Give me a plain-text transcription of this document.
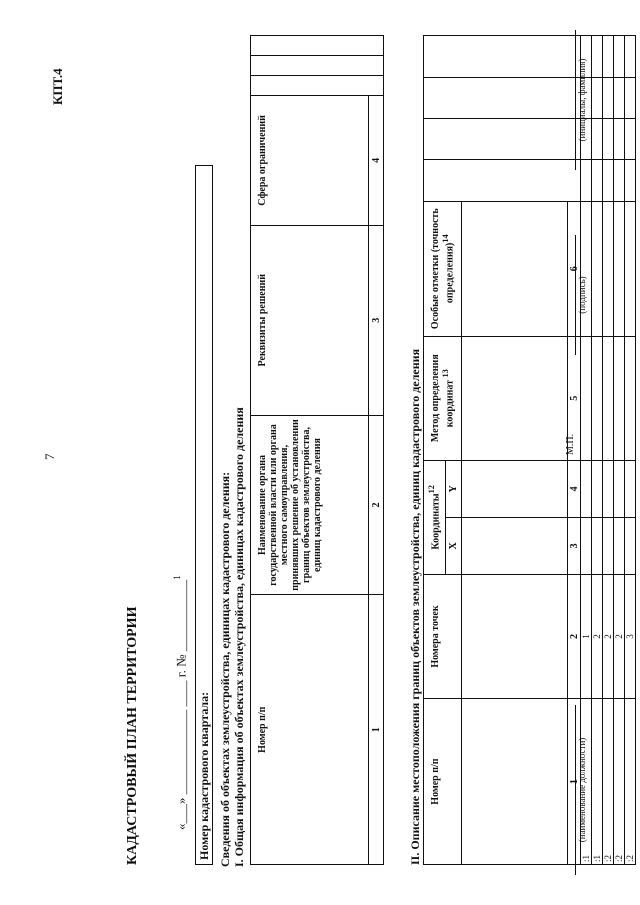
КПТ.4
7
КАДАСТРОВЫЙ ПЛАН ТЕРРИТОРИИ	«___» _____________ ____ г. № ___________$^1$
Номер кадастрового квартала: Сведения об объектах землеустройства, единицах кадастрового деления: I. Общая информация об объектах землеустройства, единицах кадастрового деления Номер п/п	Наименование органа государственной власти или органа местного самоуправления, принявших решение об установлении границ объектов землеустройства, единиц кадастрового деления	Реквизиты решений	Сфера ограничений			
1	2	3	4			
II. Описание местоположения границ объектов землеустройства, единиц кадастрового деления Номер п/п	Номера точек	Координаты$^{12}$		Метод определения координат $^{13}$	Особые отметки (точность определения)$^{14}$				
		X	Y						

1	2	3	4	5	6				
:1	1								
:1	2								
:2	2								
:2	2								
:2	3								
(наименование должности)
М.П.
(подпись)
(инициалы, фамилия)
